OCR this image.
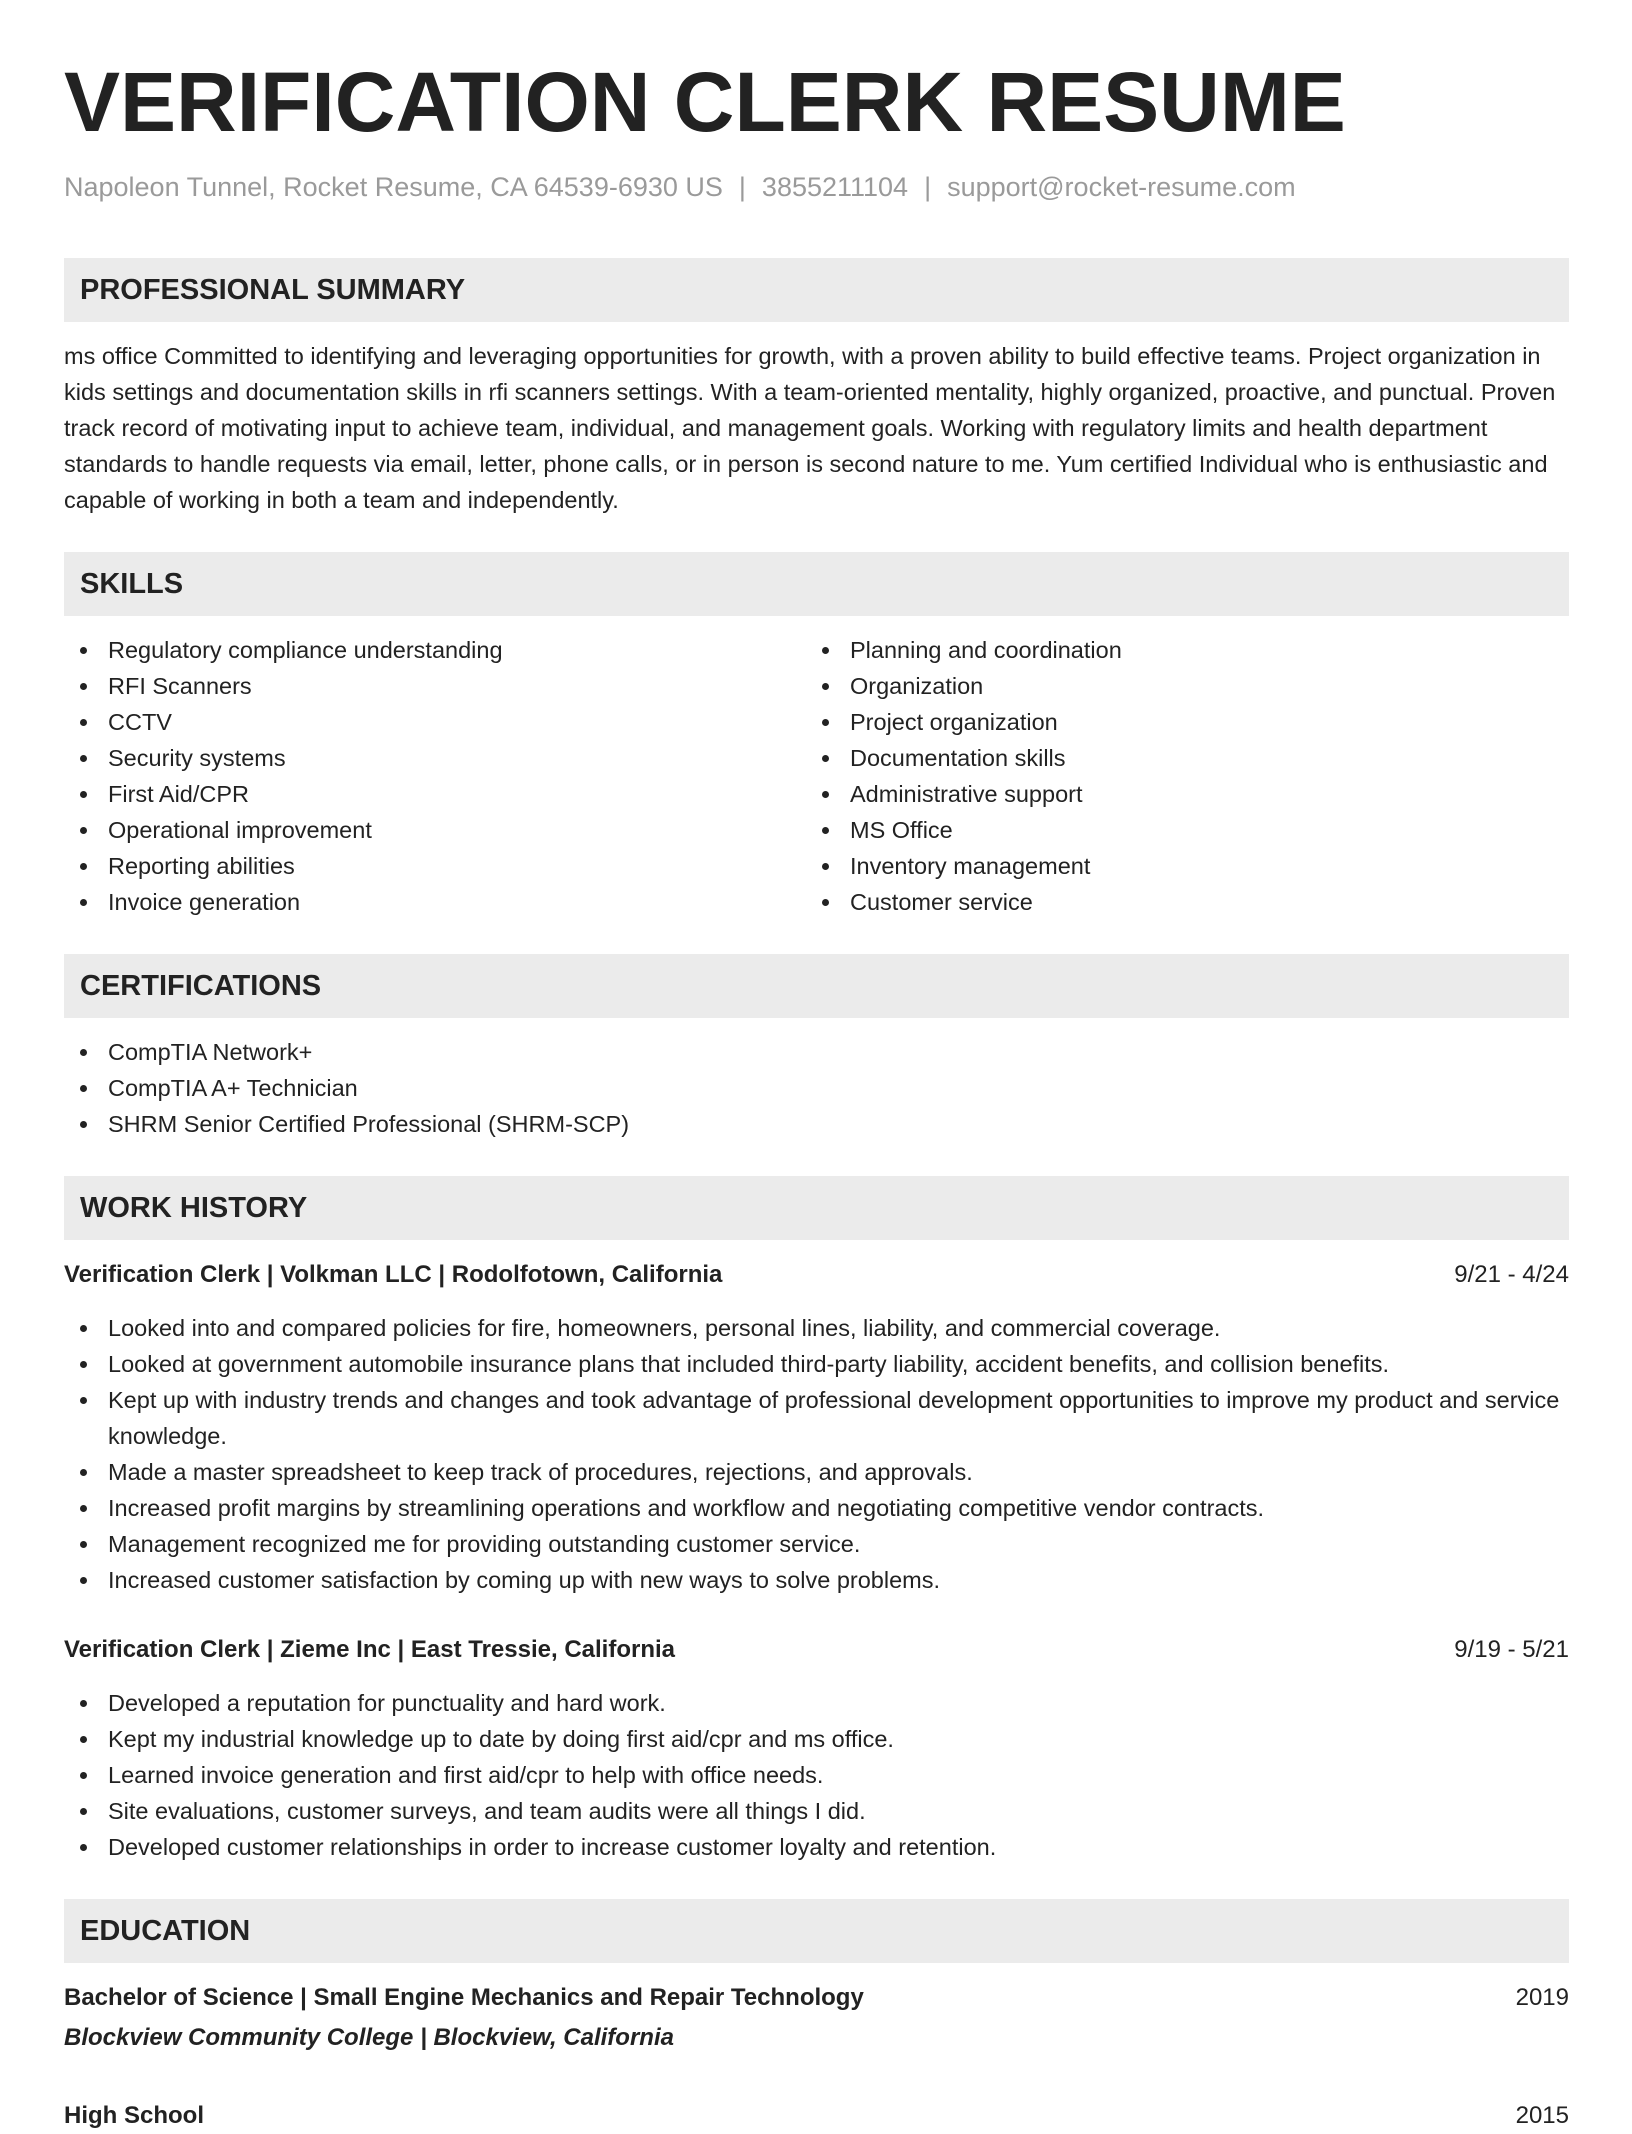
VERIFICATION CLERK RESUME
Napoleon Tunnel, Rocket Resume, CA 64539-6930 US | 3855211104 | support@rocket-resume.com
PROFESSIONAL SUMMARY

ms office Committed to identifying and leveraging opportunities for growth, with a proven ability to build effective teams. Project organization in kids settings and documentation skills in rfi scanners settings. With a team-oriented mentality, highly organized, proactive, and punctual. Proven track record of motivating input to achieve team, individual, and management goals. Working with regulatory limits and health department standards to handle requests via email, letter, phone calls, or in person is second nature to me. Yum certified Individual who is enthusiastic and capable of working in both a team and independently.

SKILLS
Regulatory compliance understanding
RFI Scanners
CCTV
Security systems
First Aid/CPR
Operational improvement
Reporting abilities
Invoice generation
Planning and coordination
Organization
Project organization
Documentation skills
Administrative support
MS Office
Inventory management
Customer service
CERTIFICATIONS
CompTIA Network+
CompTIA A+ Technician
SHRM Senior Certified Professional (SHRM-SCP)
WORK HISTORY
Verification Clerk | Volkman LLC | Rodolfotown, California	9/21 - 4/24
Looked into and compared policies for fire, homeowners, personal lines, liability, and commercial coverage.
Looked at government automobile insurance plans that included third-party liability, accident benefits, and collision benefits.
Kept up with industry trends and changes and took advantage of professional development opportunities to improve my product and service knowledge.
Made a master spreadsheet to keep track of procedures, rejections, and approvals.
Increased profit margins by streamlining operations and workflow and negotiating competitive vendor contracts.
Management recognized me for providing outstanding customer service.
Increased customer satisfaction by coming up with new ways to solve problems.
Verification Clerk | Zieme Inc | East Tressie, California	9/19 - 5/21
Developed a reputation for punctuality and hard work.
Kept my industrial knowledge up to date by doing first aid/cpr and ms office.
Learned invoice generation and first aid/cpr to help with office needs.
Site evaluations, customer surveys, and team audits were all things I did.
Developed customer relationships in order to increase customer loyalty and retention.
EDUCATION
Bachelor of Science | Small Engine Mechanics and Repair Technology	2019
Blockview Community College | Blockview, California
High School	2015
